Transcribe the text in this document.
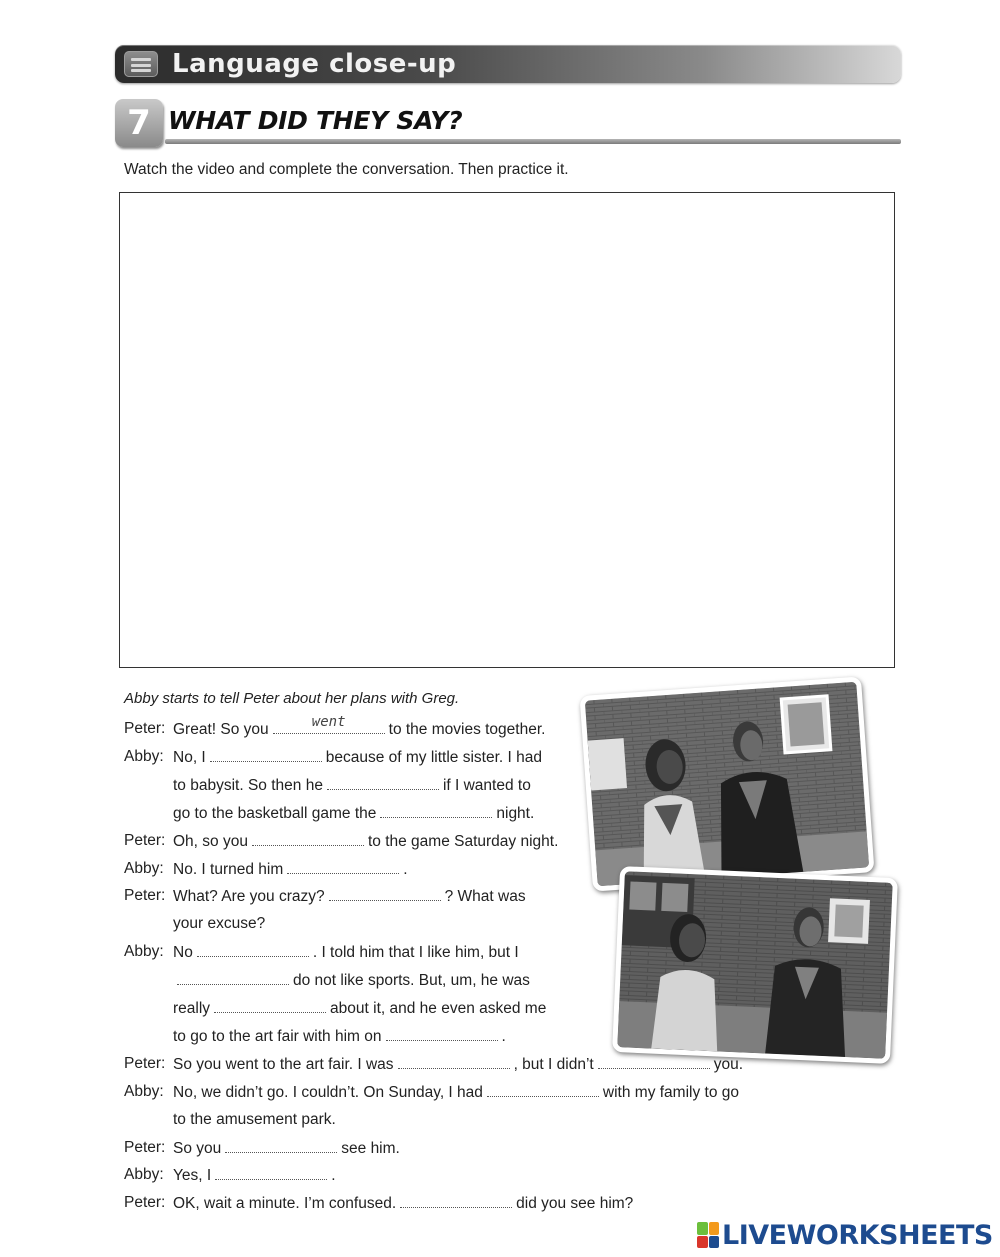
Language close-up
7 WHAT DID THEY SAY?
Watch the video and complete the conversation. Then practice it.
Abby starts to tell Peter about her plans with Greg.
Peter: Great! So you	went	to the movies together.
Abby: No, I	because of my little sister. I had
to babysit. So then he	if I wanted to
go to the basketball game the	night.
Peter: Oh, so you	to the game Saturday night.
Abby: No. I turned him	.
Peter: What? Are you crazy?	? What was
your excuse?
Abby: No	. I told him that I like him, but I
do not like sports. But, um, he was
really	about it, and he even asked me
to go to the art fair with him on	.
Peter: So you went to the art fair. I was	, but I didn’t	you.
Abby: No, we didn’t go. I couldn’t. On Sunday, I had	with my family to go
to the amusement park.
Peter: So you	see him.
Abby: Yes, I	.
Peter: OK, wait a minute. I’m confused.	did you see him?
LIVEWORKSHEETS
